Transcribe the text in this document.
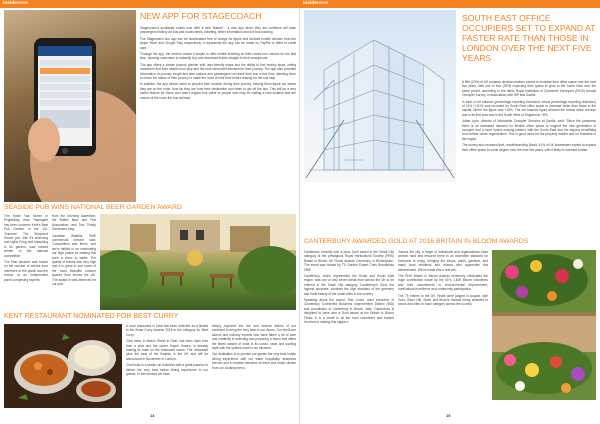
insidenews
NEW APP FOR STAGECOACH

Stagecoach's southeast routes now offer a new 'feature' - a new app which they are confident will ease passengers finding out bus and routes times, ticketing, better information and live bus tracking.

The Stagecoach bus app can be downloaded free of charge for Apple and Android mobile devices from the Apple Store and Google Play respectively. It represents the app can be made by PayPal or debit or credit card.

Through the app, the service makes it simple to offer mobile ticketing on their routes tour venues for the first time, allowing customers to instantly buy and download tickets straight to their smartphone.

The app offers a simple journey planner with user-friendly maps and the ability to find nearby stops, letting customers find their nearest bus stop and the next scheduled services for their journey. The app also provides information on journey length and time options and passengers can track their bus in live time, allowing them to check the status of their journey to make the most of their time before leaving for the bus stop.

In addition, the app allows users to pinpoint their location during their journey, helping them figure out where they are on the route, how far they are from their destination and when to get off the bus. This will be a very useful feature for those who aren't regular bus users or people who may be visiting a new location and are unsure of the route the bus will take.

SEASIDE PUB WINS NATIONAL BEER GARDEN AWARD

The Smile Yaa Tavern in Pegwelling near Ramsgate has been crowned Kent's Best Pub Garden in the UK. 'Summer' The Shepherd House pub, with it's charming and idyllic Fring and bleaching in its garden, was named winner in the national competition.

The final decision was based on the number of entries from members of the public and the choice of an independent panel comprising experts.

from the Morning Advertiser, the British Beer and Pub Association, and Two Thirsty Gardeners blog.

Jonathan Watkins, SME commercial director said: 'Competition was fierce, and we're thrilled to be celebrating our high praise for making this such a show to battle. The quality of entries was very high and it is great to see some of the most beautiful outdoor spaces from across the UK. The award is well-deserved for our pub.'

KENT RESTAURANT NOMINATED FOR BEST CURRY

A local restaurant in Deal has been selected as a finalist in the Asian Curry Awards 2018 in the category for Best Curry.

Chai India, in Beach Street in Deal, has been open less than a year and the owner Sayed Husain, is already making its mark on the restaurant scene. The restaurant joins the best of the finalists in the UK and will be announced in November in London.

Chai India is a family run business with a great passion to deliver the very best Indian dining experience to our guests. In this venture we have

deeply explored the rich and diverse dishes of our continent to bring the very best to our diners. Our chefs are alumni and culinary experts who have taken a lot of care and creativity in selecting and preparing a menu that offers the finest cuisine of India in its colour, taste and sizzling style with the options used in our kitchens.

Our dedication is to provide our guests the very best Indian dining experience with our warm hospitality, seamless service and a creative selection of fresh and exotic dishes from our cooking menu.

14
insidenews
SOUTH EAST OFFICE OCCUPIERS SET TO EXPAND AT FASTER RATE THAN THOSE IN LONDON OVER THE NEXT FIVE YEARS

A fifth (20%) of UK property decision-makers expect to increase their office space over the next five years, with one in four (25%) expecting their space to grow in the South East over the same period, according to the latest Royal Institution of Chartered Surveyors (RICS) Annual Occupier Survey, in association with ISP and Savills.

In total, a net balance (percentage reporting increased, minus percentage reporting reduction) of 21% (+11%) was recorded for South East office space to increase faster than those in the capital, where the figure was +15%. The net balance figure showed the lowest since surveys and in its first year was in the South West of England at +8%.

Julian Lyon, director of Worldwide Occupier Services at Savills, said: 'Since the pandemic there is an increased demand for flexible office space to support the new generation of occupier and a more hybrid working pattern, with the South East and the regions benefitting from further urban regeneration. This is good news for the property market and for business in the region.'

The survey also revealed that, notwithstanding Brexit, 41% of UK businesses expect to expand their office space to some degree over the next five years, with it likely to increase further.

CANTERBURY AWARDED GOLD AT 2016 BRITAIN IN BLOOM AWARDS

Canterbury recently won a prize Gold award in the Small City category at the prestigious Royal Horticultural Society (RHS) Britain in Bloom UK Finals Awards Ceremony in Birmingham. The event was hosted by TV Garden Expert Chris Beardshaw OBE.

Canterbury, which represented the South and South East region, was one of only seven areas from across the UK to be entered in the Small City category. Canterbury's Gold, the highest accolade, confirms the high standard of the greenery and floral beauty of the small cities in the country.

Speaking about the award, Rob Jones, chief executive of Canterbury Connected Business Improvement District (BID) and coordinator of Canterbury in Bloom, said: 'Canterbury is delighted to have won a Gold award at the Britain in Bloom Finals. It is a credit to all the local volunteers and traders involved in making this happen.'

'Across the city, a range of individuals and organisations have worked hard and ensured there is an incredible standard for everyone to enjoy, bringing the shops, parks, gardens, and many local residents and visitors who appreciate this achievement. We've made this a real win.'

The RHS Britain in Bloom Awards ceremony celebrates the huge contribution made by the UK's 1,600 Bloom volunteers and their commitment to environmental improvement, horticultural excellence and community participation.

The 75 entries in the UK Finals were judged in August, with Gold, Silver Gilt, Silver and Bronze medals being awarded to towns and cities in each category across the country.

15
